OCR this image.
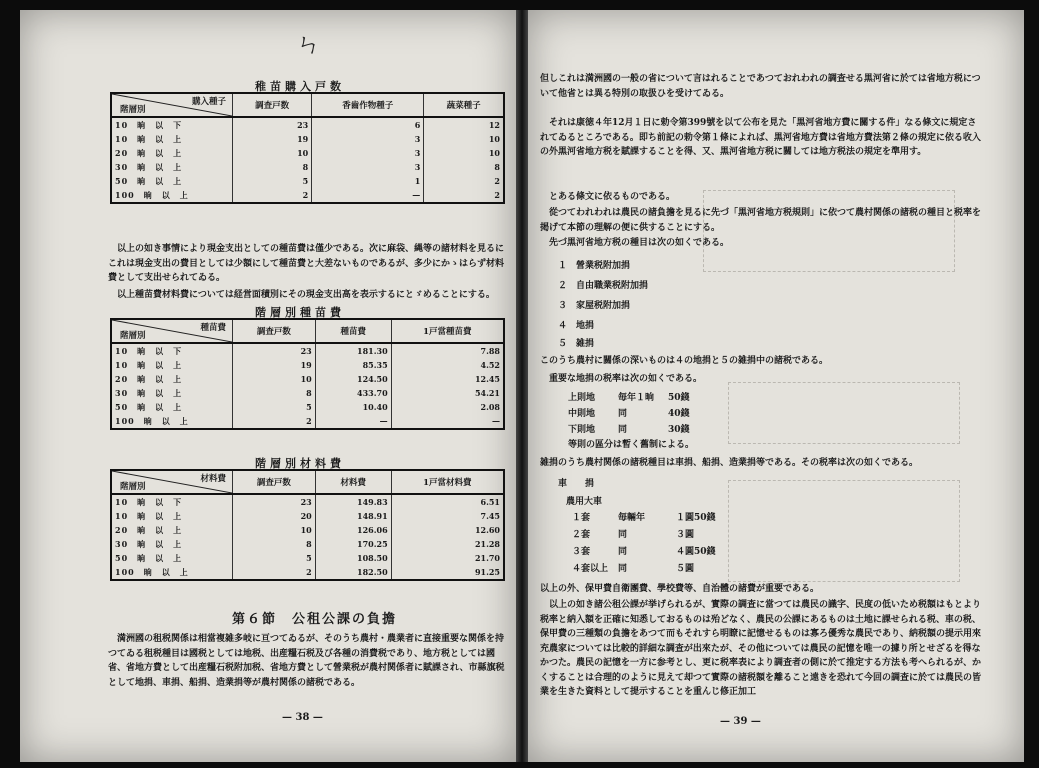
ㄣ
稚苗購入戸数
購入種子
階層別	調査戸数	香齒作物種子	蔬菜種子
10　晌　以　下	23	6	12
10　晌　以　上	19	3	10
20　晌　以　上	10	3	10
30　晌　以　上	8	3	8
50　晌　以　上	5	1	2
100　晌　以　上	2	—	2
以上の如き事情により現金支出としての種苗費は僅少である。次に麻袋、縄等の諸材料を見るにこれは現金支出の費目としては少額にして種苗費と大差ないものであるが、多少にかゝはらず材料費として支出せられてゐる。
以上種苗費材料費については経営面積別にその現金支出高を表示するにとゞめることにする。
階層別種苗費
種苗費
階層別	調査戸数	種苗費	1戸當種苗費
10　晌　以　下	23	181.30	7.88
10　晌　以　上	19	85.35	4.52
20　晌　以　上	10	124.50	12.45
30　晌　以　上	8	433.70	54.21
50　晌　以　上	5	10.40	2.08
100　晌　以　上	2	—	—
階層別材料費
材料費
階層別	調査戸数	材料費	1戸當材料費
10　晌　以　下	23	149.83	6.51
10　晌　以　上	20	148.91	7.45
20　晌　以　上	10	126.06	12.60
30　晌　以　上	8	170.25	21.28
50　晌　以　上	5	108.50	21.70
100　晌　以　上	2	182.50	91.25
第６節　公租公課の負擔
満洲國の租税関係は相當複雑多岐に亘つてゐるが、そのうち農村・農業者に直接重要な関係を持つてゐる租税種目は國税としては地税、出産糧石税及び各種の消費税であり、地方税としては國省、省地方費として出産糧石税附加税、省地方費として營業税が農村関係者に賦課され、市縣旗税として地捐、車捐、船捐、造業捐等が農村関係の諸税である。
— 38 —
但しこれは満洲國の一般の省について言はれることであつておれわれの調査せる黒河省に於ては省地方税について他省とは異る特別の取扱ひを受けてゐる。
それは康徳４年12月１日に勅令第399號を以て公布を見た「黒河省地方費に關する件」なる條文に規定されてゐるところである。即ち前記の勅令第１條によれば、黒河省地方費は省地方費法第２條の規定に依る收入の外黒河省地方税を賦課することを得、又、黒河省地方税に關しては地方税法の規定を準用す。
とある條文に依るものである。
從つてわれわれは農民の諸負擔を見るに先づ「黒河省地方税規則」に依つて農村関係の諸税の種目と税率を掲げて本節の理解の便に供することにする。
先づ黒河省地方税の種目は次の如くである。
１　營業税附加捐
２　自由職業税附加捐
３　家屋税附加捐
４　地捐
５　雑捐
このうち農村に關係の深いものは４の地捐と５の雑捐中の諸税である。
重要な地捐の税率は次の如くである。
上則地	毎年１晌 50錢
中則地	同	40錢
下則地	同	30錢
等則の區分は暫く舊制による。
雑捐のうち農村関係の諸税種目は車捐、船捐、造業捐等である。その税率は次の如くである。
車　　捐
農用大車
１套	毎輛年	１圓50錢
２套	同	３圓
３套	同	４圓50錢
４套以上 同	５圓
以上の外、保甲費自衛團費、學校費等、自治體の諸費が重要である。
以上の如き諸公租公課が挙げられるが、實際の調査に當つては農民の識字、民度の低いため税額はもとより税率と納入額を正確に知悉しておるものは殆どなく、農民の公課にあるものは土地に課せられる税、車の税、保甲費の三種類の負擔をあつて而もそれすら明瞭に記憶せるものは寡ろ優秀な農民であり、納税額の提示用來充農家については比較的詳細な調査が出來たが、その他については農民の記憶を唯一の據り所とせざるを得なかつた。農民の記憶を一方に参考とし、更に税率表により調査者の側に於て推定する方法も考へられるが、かくすることは合理的のように見えて却つて實際の諸税額を離ること遠きを恐れて今回の調査に於ては農民の皆業を生きた資料として提示することを重んじ修正加工
— 39 —
